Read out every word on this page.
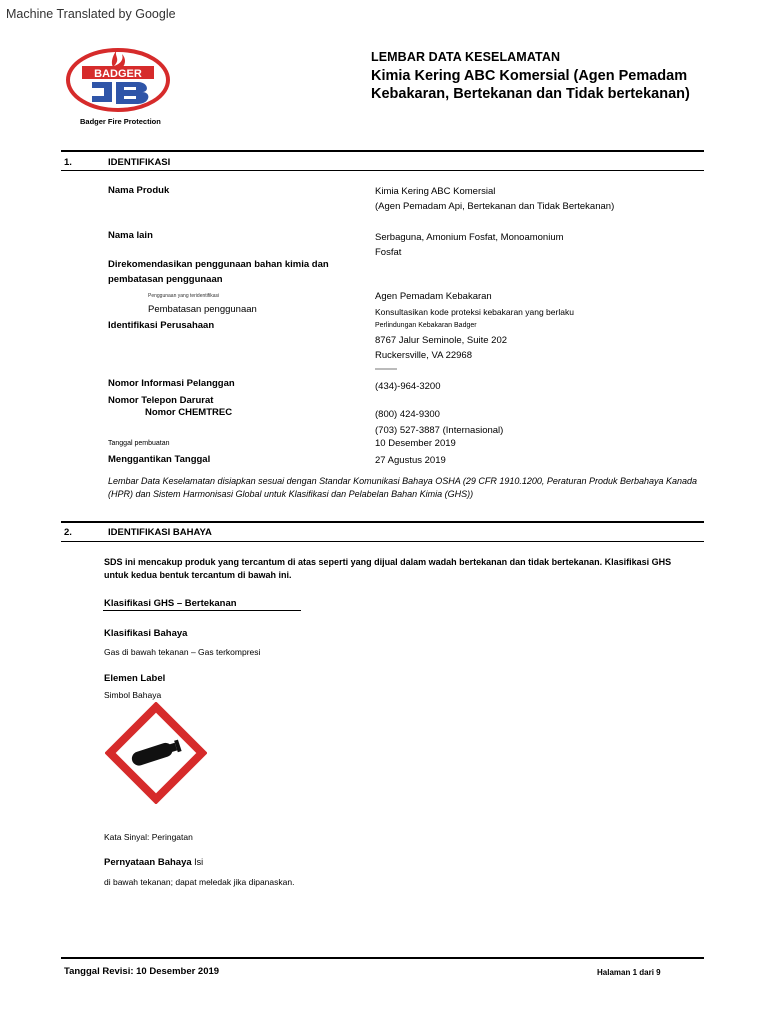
Machine Translated by Google
BADGER
Badger Fire Protection
LEMBAR DATA KESELAMATAN
Kimia Kering ABC Komersial (Agen Pemadam Kebakaran, Bertekanan dan Tidak bertekanan)
1.	IDENTIFIKASI
Nama Produk	Kimia Kering ABC Komersial
(Agen Pemadam Api, Bertekanan dan Tidak Bertekanan)
Nama lain	Serbaguna, Amonium Fosfat, Monoamonium
Fosfat
Direkomendasikan penggunaan bahan kimia dan pembatasan penggunaan
Penggunaan yang teridentifikasi	Agen Pemadam Kebakaran
Pembatasan penggunaan	Konsultasikan kode proteksi kebakaran yang berlaku
Identifikasi Perusahaan	Perlindungan Kebakaran Badger
8767 Jalur Seminole, Suite 202
Ruckersville, VA 22968
Nomor Informasi Pelanggan	(434)-964-3200
Nomor Telepon Darurat
Nomor CHEMTREC	(800) 424-9300
(703) 527-3887 (Internasional)
Tanggal pembuatan	10 Desember 2019
Menggantikan Tanggal	27 Agustus 2019
Lembar Data Keselamatan disiapkan sesuai dengan Standar Komunikasi Bahaya OSHA (29 CFR 1910.1200, Peraturan Produk Berbahaya Kanada (HPR) dan Sistem Harmonisasi Global untuk Klasifikasi dan Pelabelan Bahan Kimia (GHS))
2.	IDENTIFIKASI BAHAYA
SDS ini mencakup produk yang tercantum di atas seperti yang dijual dalam wadah bertekanan dan tidak bertekanan. Klasifikasi GHS untuk kedua bentuk tercantum di bawah ini.
Klasifikasi GHS – Bertekanan
Klasifikasi Bahaya
Gas di bawah tekanan – Gas terkompresi
Elemen Label
Simbol Bahaya
Kata Sinyal: Peringatan
Pernyataan Bahaya Isi
di bawah tekanan; dapat meledak jika dipanaskan.
Tanggal Revisi: 10 Desember 2019	Halaman 1 dari 9
